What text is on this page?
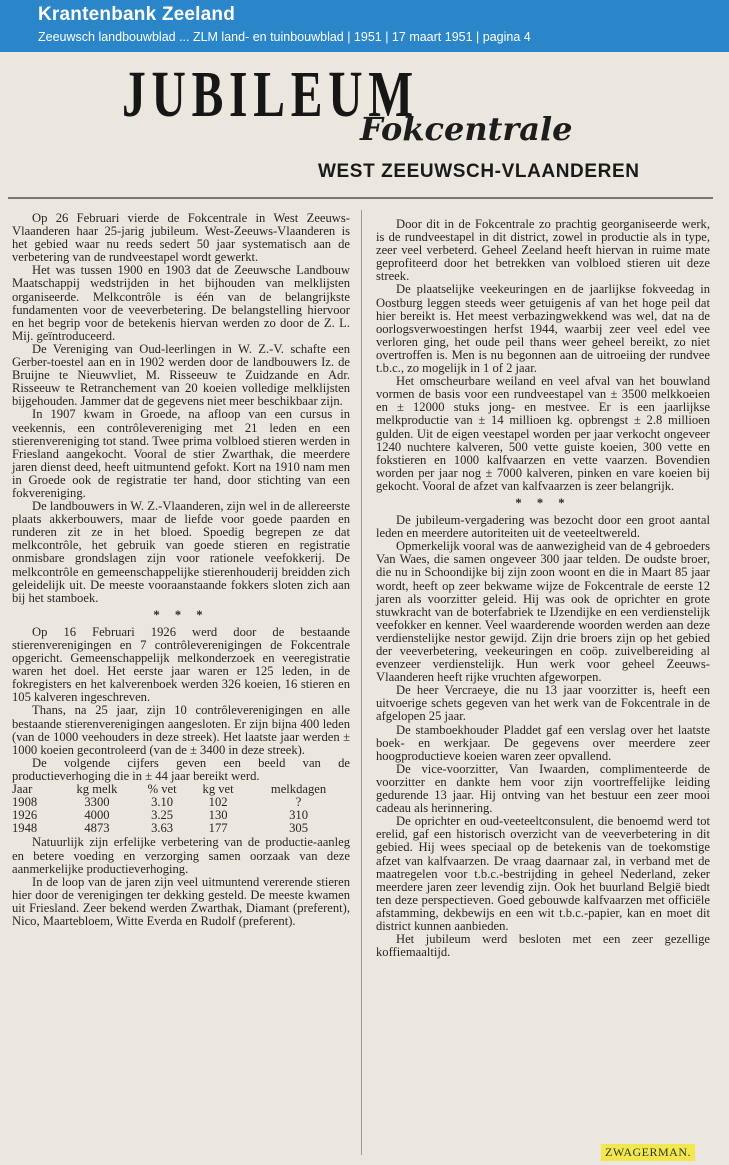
Krantenbank Zeeland
Zeeuwsch landbouwblad ... ZLM land- en tuinbouwblad | 1951 | 17 maart 1951 | pagina 4
JUBILEUM
Fokcentrale
WEST ZEEUWSCH-VLAANDEREN

Op 26 Februari vierde de Fokcentrale in West Zeeuws-Vlaanderen haar 25-jarig jubileum. West-Zeeuws-Vlaanderen is het gebied waar nu reeds sedert 50 jaar systematisch aan de verbetering van de rundveestapel wordt gewerkt.

Het was tussen 1900 en 1903 dat de Zeeuwsche Landbouw Maatschappij wedstrijden in het bijhouden van melklijsten organiseerde. Melkcontrôle is één van de belangrijkste fundamenten voor de veeverbetering. De belangstelling hiervoor en het begrip voor de betekenis hiervan werden zo door de Z. L. Mij. geïntroduceerd.

De Vereniging van Oud-leerlingen in W. Z.-V. schafte een Gerber-toestel aan en in 1902 werden door de landbouwers Iz. de Bruijne te Nieuwvliet, M. Risseeuw te Zuidzande en Adr. Risseeuw te Retranchement van 20 koeien volledige melklijsten bijgehouden. Jammer dat de gegevens niet meer beschikbaar zijn.

In 1907 kwam in Groede, na afloop van een cursus in veekennis, een contrôlevereniging met 21 leden en een stierenvereniging tot stand. Twee prima volbloed stieren werden in Friesland aangekocht. Vooral de stier Zwarthak, die meerdere jaren dienst deed, heeft uitmuntend gefokt. Kort na 1910 nam men in Groede ook de registratie ter hand, door stichting van een fokvereniging.

De landbouwers in W. Z.-Vlaanderen, zijn wel in de allereerste plaats akkerbouwers, maar de liefde voor goede paarden en runderen zit ze in het bloed. Spoedig begrepen ze dat melkcontrôle, het gebruik van goede stieren en registratie onmisbare grondslagen zijn voor rationele veefokkerij. De melkcontrôle en gemeenschappelijke stierenhouderij breidden zich geleidelijk uit. De meeste vooraanstaande fokkers sloten zich aan bij het stamboek.

* * *

Op 16 Februari 1926 werd door de bestaande stierenverenigingen en 7 contrôleverenigingen de Fokcentrale opgericht. Gemeenschappelijk melkonderzoek en veeregistratie waren het doel. Het eerste jaar waren er 125 leden, in de fokregisters en het kalverenboek werden 326 koeien, 16 stieren en 105 kalveren ingeschreven.

Thans, na 25 jaar, zijn 10 contrôleverenigingen en alle bestaande stierenverenigingen aangesloten. Er zijn bijna 400 leden (van de 1000 veehouders in deze streek). Het laatste jaar werden ± 1000 koeien gecontroleerd (van de ± 3400 in deze streek).

De volgende cijfers geven een beeld van de productieverhoging die in ± 44 jaar bereikt werd.

Jaar	kg melk	% vet	kg vet	melkdagen
1908	3300	3.10	102	?
1926	4000	3.25	130	310
1948	4873	3.63	177	305

Natuurlijk zijn erfelijke verbetering van de productie-aanleg en betere voeding en verzorging samen oorzaak van deze aanmerkelijke productieverhoging.

In de loop van de jaren zijn veel uitmuntend vererende stieren hier door de verenigingen ter dekking gesteld. De meeste kwamen uit Friesland. Zeer bekend werden Zwarthak, Diamant (preferent), Nico, Maartebloem, Witte Everda en Rudolf (preferent).

Door dit in de Fokcentrale zo prachtig georganiseerde werk, is de rundveestapel in dit district, zowel in productie als in type, zeer veel verbeterd. Geheel Zeeland heeft hiervan in ruime mate geprofiteerd door het betrekken van volbloed stieren uit deze streek.

De plaatselijke veekeuringen en de jaarlijkse fokveedag in Oostburg leggen steeds weer getuigenis af van het hoge peil dat hier bereikt is. Het meest verbazingwekkend was wel, dat na de oorlogsverwoestingen herfst 1944, waarbij zeer veel edel vee verloren ging, het oude peil thans weer geheel bereikt, zo niet overtroffen is. Men is nu begonnen aan de uitroeiing der rundvee t.b.c., zo mogelijk in 1 of 2 jaar.

Het omscheurbare weiland en veel afval van het bouwland vormen de basis voor een rundveestapel van ± 3500 melkkoeien en ± 12000 stuks jong- en mestvee. Er is een jaarlijkse melkproductie van ± 14 millioen kg. opbrengst ± 2.8 millioen gulden. Uit de eigen veestapel worden per jaar verkocht ongeveer 1240 nuchtere kalveren, 500 vette guiste koeien, 300 vette en fokstieren en 1000 kalfvaarzen en vette vaarzen. Bovendien worden per jaar nog ± 7000 kalveren, pinken en vare koeien bij gekocht. Vooral de afzet van kalfvaarzen is zeer belangrijk.

* * *

De jubileum-vergadering was bezocht door een groot aantal leden en meerdere autoriteiten uit de veeteeltwereld.

Opmerkelijk vooral was de aanwezigheid van de 4 gebroeders Van Waes, die samen ongeveer 300 jaar telden. De oudste broer, die nu in Schoondijke bij zijn zoon woont en die in Maart 85 jaar wordt, heeft op zeer bekwame wijze de Fokcentrale de eerste 12 jaren als voorzitter geleid. Hij was ook de oprichter en grote stuwkracht van de boterfabriek te IJzendijke en een verdienstelijk veefokker en kenner. Veel waarderende woorden werden aan deze verdienstelijke nestor gewijd. Zijn drie broers zijn op het gebied der veeverbetering, veekeuringen en coöp. zuivelbereiding al evenzeer verdienstelijk. Hun werk voor geheel Zeeuws-Vlaanderen heeft rijke vruchten afgeworpen.

De heer Vercraeye, die nu 13 jaar voorzitter is, heeft een uitvoerige schets gegeven van het werk van de Fokcentrale in de afgelopen 25 jaar.

De stamboekhouder Pladdet gaf een verslag over het laatste boek- en werkjaar. De gegevens over meerdere zeer hoogproductieve koeien waren zeer opvallend.

De vice-voorzitter, Van Iwaarden, complimenteerde de voorzitter en dankte hem voor zijn voortreffelijke leiding gedurende 13 jaar. Hij ontving van het bestuur een zeer mooi cadeau als herinnering.

De oprichter en oud-veeteeltconsulent, die benoemd werd tot erelid, gaf een historisch overzicht van de veeverbetering in dit gebied. Hij wees speciaal op de betekenis van de toekomstige afzet van kalfvaarzen. De vraag daarnaar zal, in verband met de maatregelen voor t.b.c.-bestrijding in geheel Nederland, zeker meerdere jaren zeer levendig zijn. Ook het buurland België biedt ten deze perspectieven. Goed gebouwde kalfvaarzen met officiële afstamming, dekbewijs en een wit t.b.c.-papier, kan en moet dit district kunnen aanbieden.

Het jubileum werd besloten met een zeer gezellige koffiemaaltijd.

ZWAGERMAN.
